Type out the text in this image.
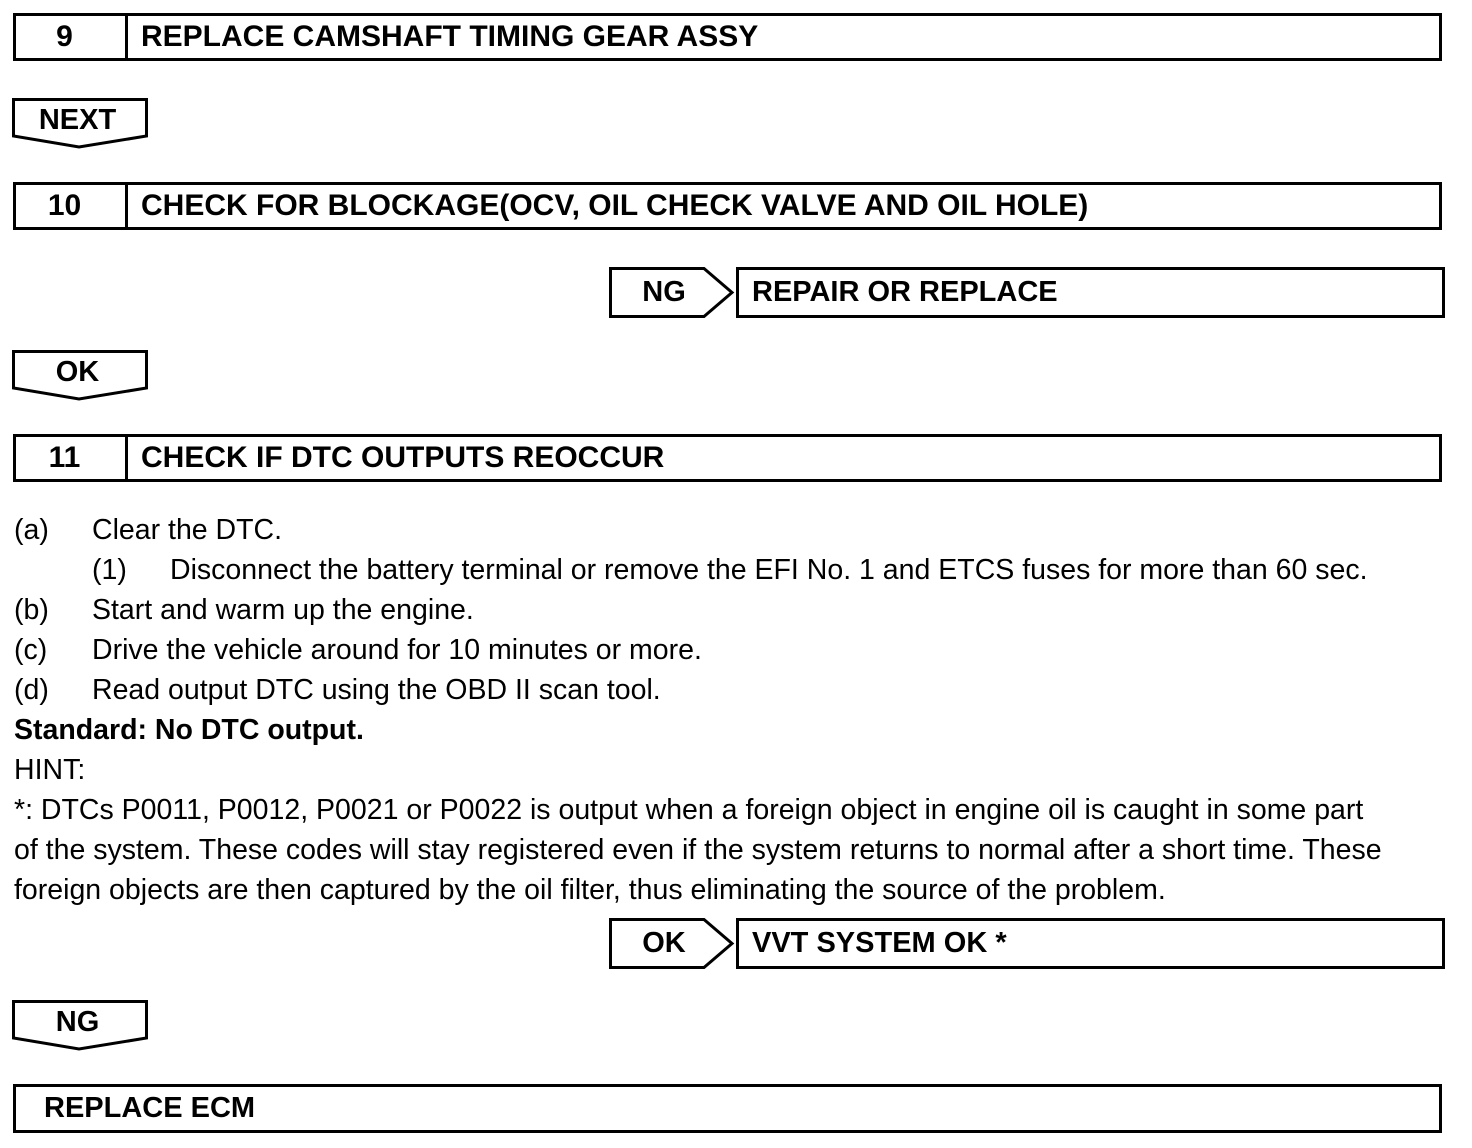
9	REPLACE CAMSHAFT TIMING GEAR ASSY
NEXT
10	CHECK FOR BLOCKAGE(OCV, OIL CHECK VALVE AND OIL HOLE)
NG	REPAIR OR REPLACE
OK
11	CHECK IF DTC OUTPUTS REOCCUR
(a) Clear the DTC.
(1) Disconnect the battery terminal or remove the EFI No. 1 and ETCS fuses for more than 60 sec.
(b) Start and warm up the engine.
(c) Drive the vehicle around for 10 minutes or more.
(d) Read output DTC using the OBD II scan tool.
Standard: No DTC output.
HINT:
*: DTCs P0011, P0012, P0021 or P0022 is output when a foreign object in engine oil is caught in some part
of the system. These codes will stay registered even if the system returns to normal after a short time. These
foreign objects are then captured by the oil filter, thus eliminating the source of the problem.
OK	VVT SYSTEM OK *
NG
REPLACE ECM
